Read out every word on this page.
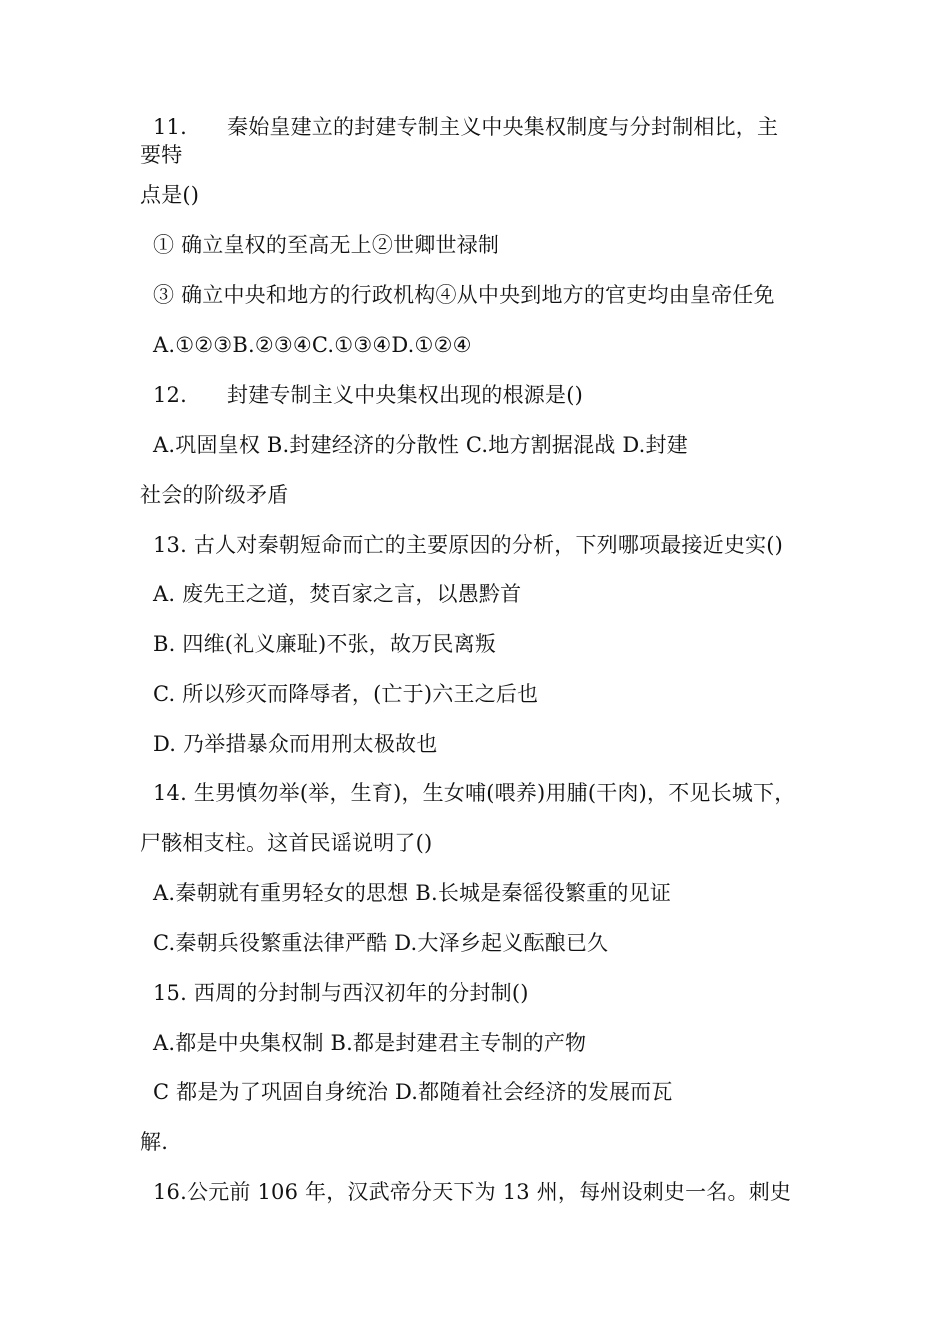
11. 秦始皇建立的封建专制主义中央集权制度与分封制相比，主
要特
点是()
① 确立皇权的至高无上②世卿世禄制
③ 确立中央和地方的行政机构④从中央到地方的官吏均由皇帝任免
A.①②③B.②③④C.①③④D.①②④
12. 封建专制主义中央集权出现的根源是()
A.巩固皇权 B.封建经济的分散性 C.地方割据混战 D.封建
社会的阶级矛盾
13. 古人对秦朝短命而亡的主要原因的分析，下列哪项最接近史实()
A. 废先王之道，焚百家之言，以愚黔首
B. 四维(礼义廉耻)不张，故万民离叛
C. 所以殄灭而降辱者，(亡于)六王之后也
D. 乃举措暴众而用刑太极故也
14. 生男慎勿举(举，生育)，生女哺(喂养)用脯(干肉)，不见长城下，
尸骸相支柱。这首民谣说明了()
A.秦朝就有重男轻女的思想 B.长城是秦徭役繁重的见证
C.秦朝兵役繁重法律严酷 D.大泽乡起义酝酿已久
15. 西周的分封制与西汉初年的分封制()
A.都是中央集权制 B.都是封建君主专制的产物
C 都是为了巩固自身统治 D.都随着社会经济的发展而瓦
解.
16.公元前 106 年，汉武帝分天下为 13 州，每州设刺史一名。刺史
